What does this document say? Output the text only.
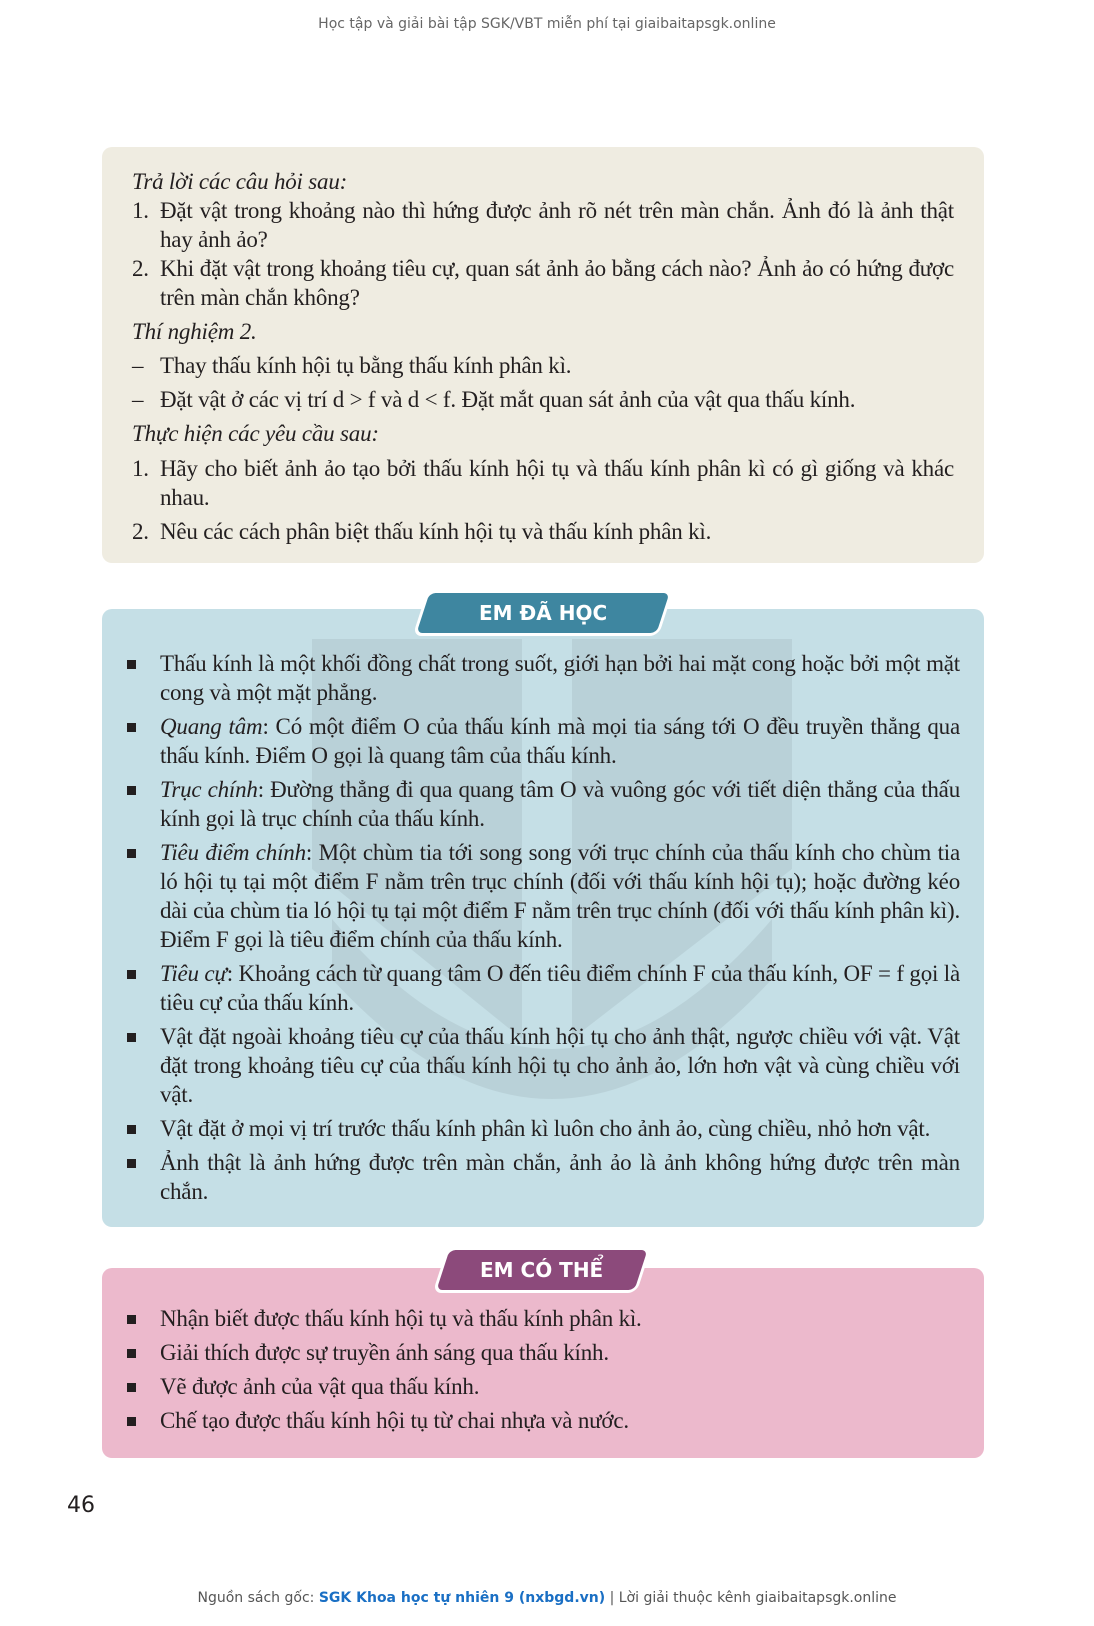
Học tập và giải bài tập SGK/VBT miễn phí tại giaibaitapsgk.online
Trả lời các câu hỏi sau:
1. Đặt vật trong khoảng nào thì hứng được ảnh rõ nét trên màn chắn. Ảnh đó là ảnh thật hay ảnh ảo?
2. Khi đặt vật trong khoảng tiêu cự, quan sát ảnh ảo bằng cách nào? Ảnh ảo có hứng được trên màn chắn không?
Thí nghiệm 2.
– Thay thấu kính hội tụ bằng thấu kính phân kì.
– Đặt vật ở các vị trí d > f và d < f. Đặt mắt quan sát ảnh của vật qua thấu kính.
Thực hiện các yêu cầu sau:
1. Hãy cho biết ảnh ảo tạo bởi thấu kính hội tụ và thấu kính phân kì có gì giống và khác nhau.
2. Nêu các cách phân biệt thấu kính hội tụ và thấu kính phân kì.
Thấu kính là một khối đồng chất trong suốt, giới hạn bởi hai mặt cong hoặc bởi một mặt cong và một mặt phẳng.
Quang tâm: Có một điểm O của thấu kính mà mọi tia sáng tới O đều truyền thẳng qua thấu kính. Điểm O gọi là quang tâm của thấu kính.
Trục chính: Đường thẳng đi qua quang tâm O và vuông góc với tiết diện thẳng của thấu kính gọi là trục chính của thấu kính.
Tiêu điểm chính: Một chùm tia tới song song với trục chính của thấu kính cho chùm tia ló hội tụ tại một điểm F nằm trên trục chính (đối với thấu kính hội tụ); hoặc đường kéo dài của chùm tia ló hội tụ tại một điểm F nằm trên trục chính (đối với thấu kính phân kì). Điểm F gọi là tiêu điểm chính của thấu kính.
Tiêu cự: Khoảng cách từ quang tâm O đến tiêu điểm chính F của thấu kính, OF = f gọi là tiêu cự của thấu kính.
Vật đặt ngoài khoảng tiêu cự của thấu kính hội tụ cho ảnh thật, ngược chiều với vật. Vật đặt trong khoảng tiêu cự của thấu kính hội tụ cho ảnh ảo, lớn hơn vật và cùng chiều với vật.
Vật đặt ở mọi vị trí trước thấu kính phân kì luôn cho ảnh ảo, cùng chiều, nhỏ hơn vật.
Ảnh thật là ảnh hứng được trên màn chắn, ảnh ảo là ảnh không hứng được trên màn chắn.
EM ĐÃ HỌC
Nhận biết được thấu kính hội tụ và thấu kính phân kì.
Giải thích được sự truyền ánh sáng qua thấu kính.
Vẽ được ảnh của vật qua thấu kính.
Chế tạo được thấu kính hội tụ từ chai nhựa và nước.
EM CÓ THỂ
46
Nguồn sách gốc: SGK Khoa học tự nhiên 9 (nxbgd.vn) | Lời giải thuộc kênh giaibaitapsgk.online
